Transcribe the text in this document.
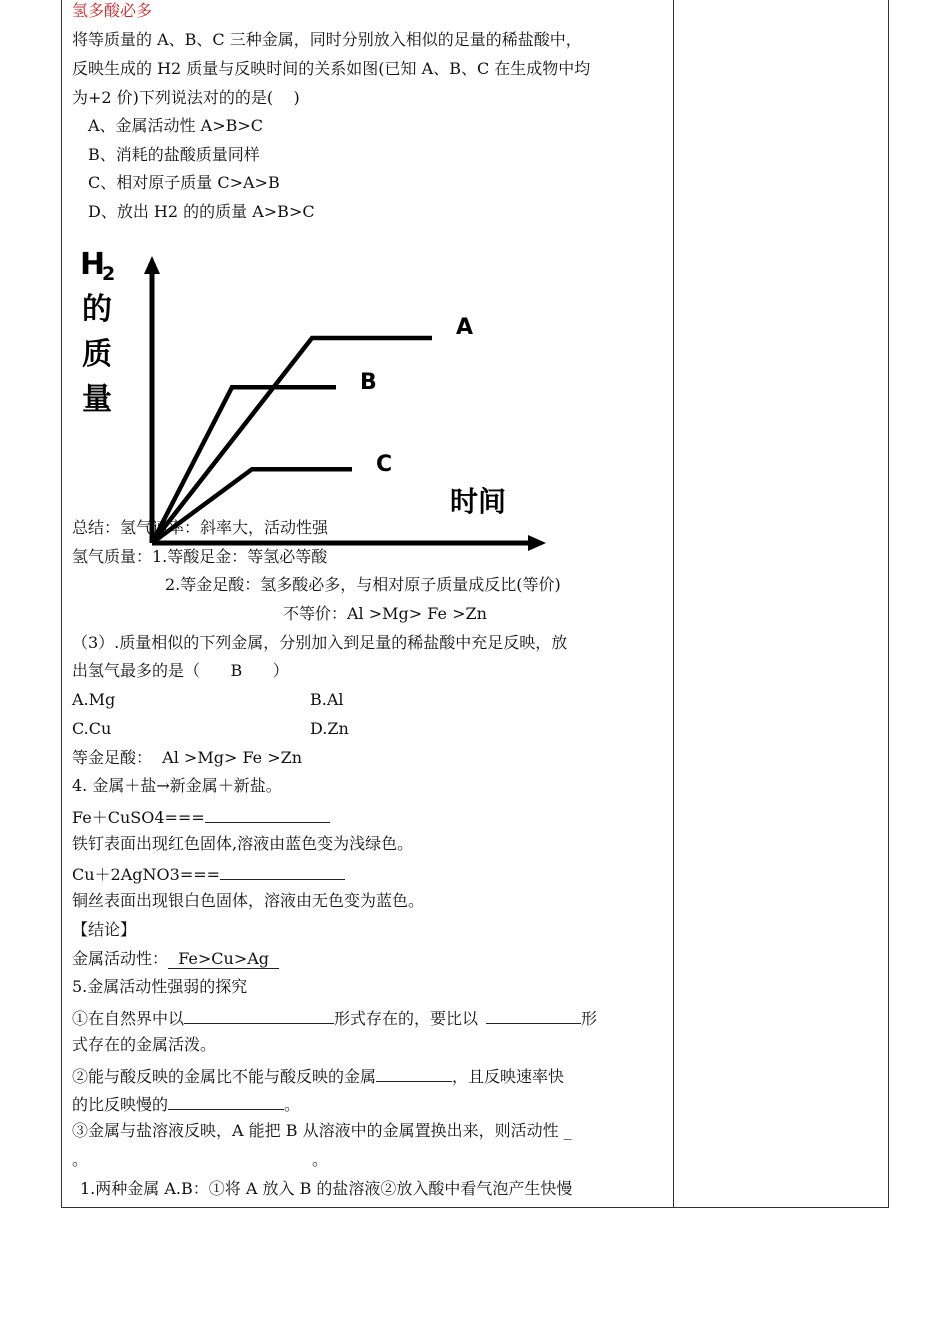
氢多酸必多
将等质量的 A、B、C 三种金属，同时分别放入相似的足量的稀盐酸中，
反映生成的 H2 质量与反映时间的关系如图(已知 A、B、C 在生成物中均
为+2 价)下列说法对的的是(    )
A、金属活动性 A>B>C
B、消耗的盐酸质量同样
C、相对原子质量 C>A>B
D、放出 H2 的的质量 A>B>C
总结：氢气速率：斜率大，活动性强
氢气质量：1.等酸足金：等氢必等酸
2.等金足酸：氢多酸必多，与相对原子质量成反比(等价)
不等价：Al >Mg> Fe >Zn
H
2
的
质
量
时间
A
B
C
（3）.质量相似的下列金属，分别加入到足量的稀盐酸中充足反映，放
出氢气最多的是（      B      ）
A.Mg	B.Al
C.Cu	D.Zn
等金足酸：  Al >Mg> Fe >Zn
4. 金属＋盐→新金属＋新盐。
Fe＋CuSO4===
铁钉表面出现红色固体,溶液由蓝色变为浅绿色。
Cu＋2AgNO3===
铜丝表面出现银白色固体，溶液由无色变为蓝色。
【结论】
金属活动性：  Fe>Cu>Ag
5.金属活动性强弱的探究
①在自然界中以	形式存在的，要比以	形
式存在的金属活泼。
②能与酸反映的金属比不能与酸反映的金属	，且反映速率快
的比反映慢的	。
③金属与盐溶液反映，A 能把 B 从溶液中的金属置换出来，则活动性 _
。	。
1.两种金属 A.B：①将 A 放入 B 的盐溶液②放入酸中看气泡产生快慢
